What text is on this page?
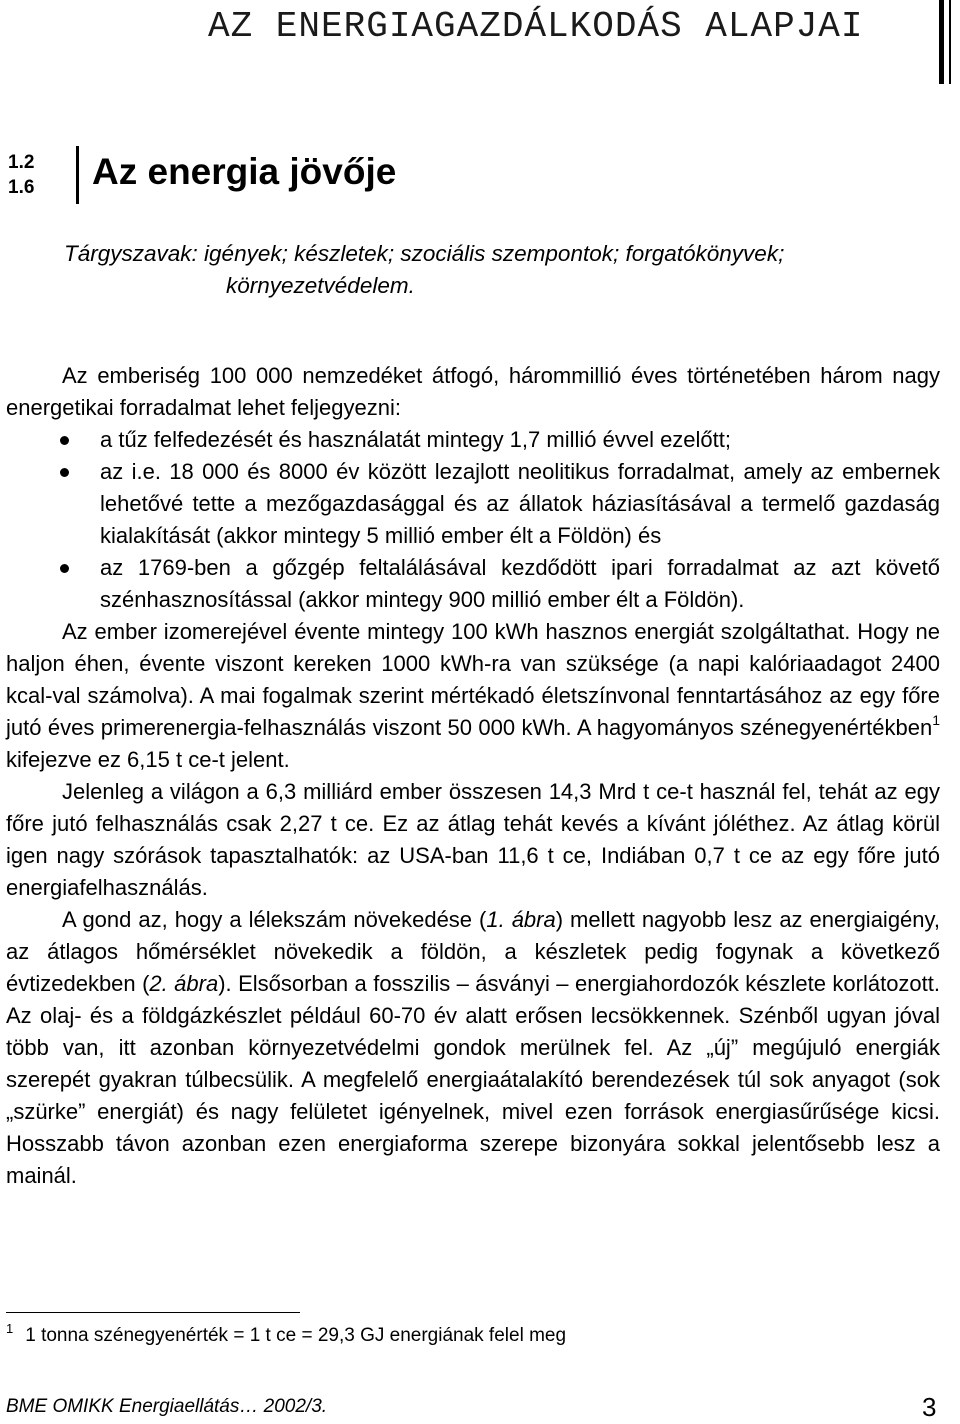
AZ ENERGIAGAZDÁLKODÁS ALAPJAI
1.2
1.6 Az energia jövője
Tárgyszavak: igények; készletek; szociális szempontok; forgatókönyvek;
környezetvédelem.

Az emberiség 100 000 nemzedéket átfogó, hárommillió éves történetében három nagy energetikai forradalmat lehet feljegyezni:

a tűz felfedezését és használatát mintegy 1,7 millió évvel ezelőtt;
az i.e. 18 000 és 8000 év között lezajlott neolitikus forradalmat, amely az embernek lehetővé tette a mezőgazdasággal és az állatok háziasításával a termelő gazdaság kialakítását (akkor mintegy 5 millió ember élt a Földön) és
az 1769-ben a gőzgép feltalálásával kezdődött ipari forradalmat az azt követő szénhasznosítással (akkor mintegy 900 millió ember élt a Földön).

Az ember izomerejével évente mintegy 100 kWh hasznos energiát szolgáltathat. Hogy ne haljon éhen, évente viszont kereken 1000 kWh-ra van szüksége (a napi kalóriaadagot 2400 kcal-val számolva). A mai fogalmak szerint mértékadó életszínvonal fenntartásához az egy főre jutó éves primerenergia-felhasználás viszont 50 000 kWh. A hagyományos szénegyenértékben$^1$ kifejezve ez 6,15 t ce-t jelent.

Jelenleg a világon a 6,3 milliárd ember összesen 14,3 Mrd t ce-t használ fel, tehát az egy főre jutó felhasználás csak 2,27 t ce. Ez az átlag tehát kevés a kívánt jóléthez. Az átlag körül igen nagy szórások tapasztalhatók: az USA-ban 11,6 t ce, Indiában 0,7 t ce az egy főre jutó energiafelhasználás.

A gond az, hogy a lélekszám növekedése (1. ábra) mellett nagyobb lesz az energiaigény, az átlagos hőmérséklet növekedik a földön, a készletek pedig fogynak a következő évtizedekben (2. ábra). Elsősorban a fosszilis – ásványi – energiahordozók készlete korlátozott. Az olaj- és a földgázkészlet például 60-70 év alatt erősen lecsökkennek. Szénből ugyan jóval több van, itt azonban környezetvédelmi gondok merülnek fel. Az „új” megújuló energiák szerepét gyakran túlbecsülik. A megfelelő energiaátalakító berendezések túl sok anyagot (sok „szürke” energiát) és nagy felületet igényelnek, mivel ezen források energiasűrűsége kicsi. Hosszabb távon azonban ezen energiaforma szerepe bizonyára sokkal jelentősebb lesz a mainál.

$^1$ 1 tonna szénegyenérték = 1 t ce = 29,3 GJ energiának felel meg
BME OMIKK Energiaellátás… 2002/3.	3
